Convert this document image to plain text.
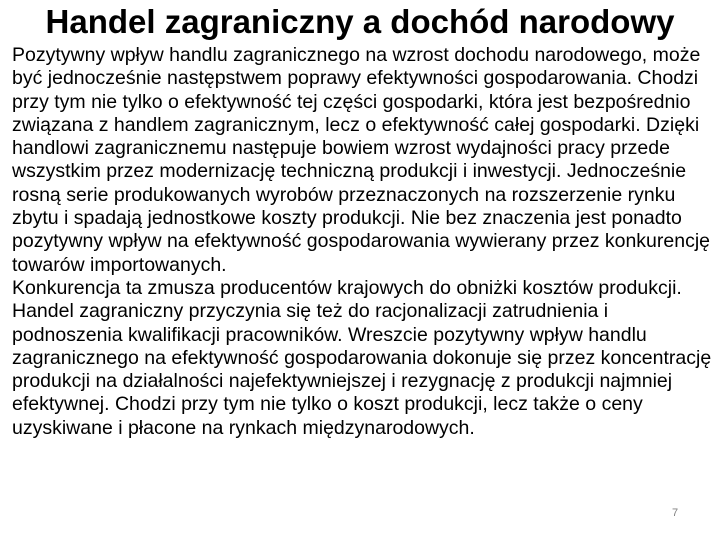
Handel zagraniczny a dochód narodowy

Pozytywny wpływ handlu zagranicznego na wzrost dochodu narodowego, może być jednocześnie następstwem poprawy efektywności gospodarowania. Chodzi przy tym nie tylko o efektywność tej części gospodarki, która jest bezpośrednio związana z handlem zagranicznym, lecz o efektywność całej gospodarki. Dzięki handlowi zagranicznemu następuje bowiem wzrost wydajności pracy przede wszystkim przez modernizację techniczną produkcji i inwestycji. Jednocześnie rosną serie produkowanych wyrobów przeznaczonych na rozszerzenie rynku zbytu i spadają jednostkowe koszty produkcji. Nie bez znaczenia jest ponadto pozytywny wpływ na efektywność gospodarowania wywierany przez konkurencję towarów importowanych.

Konkurencja ta zmusza producentów krajowych do obniżki kosztów produkcji. Handel zagraniczny przyczynia się też do racjonalizacji zatrudnienia i podnoszenia kwalifikacji pracowników. Wreszcie pozytywny wpływ handlu zagranicznego na efektywność gospodarowania dokonuje się przez koncentrację produkcji na działalności najefektywniejszej i rezygnację z produkcji najmniej efektywnej. Chodzi przy tym nie tylko o koszt produkcji, lecz także o ceny uzyskiwane i płacone na rynkach międzynarodowych.

7
